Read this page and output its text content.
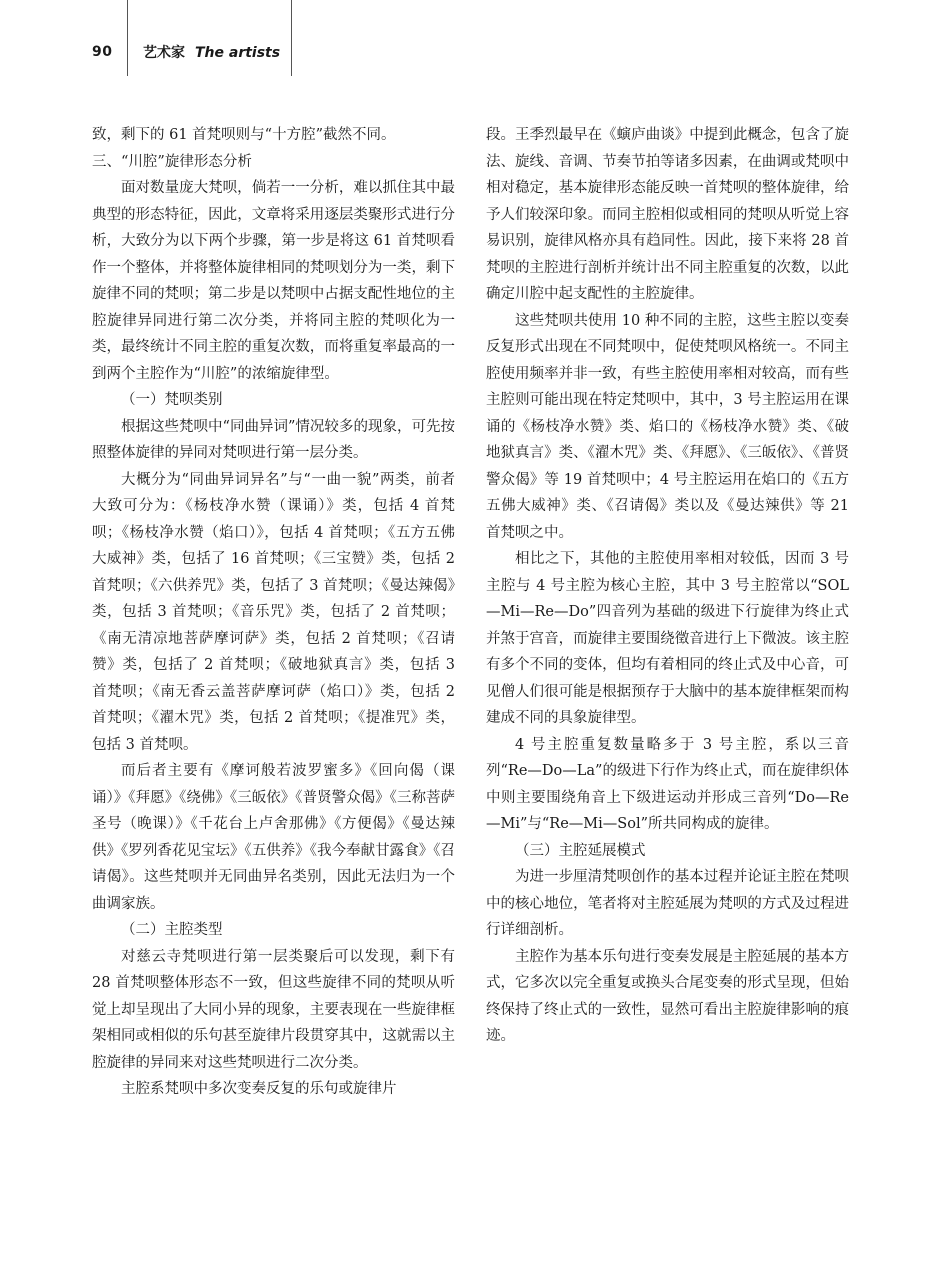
90 艺术家 The artists

致，剩下的 61 首梵呗则与“十方腔”截然不同。

三、“川腔”旋律形态分析

面对数量庞大梵呗，倘若一一分析，难以抓住其中最典型的形态特征，因此，文章将采用逐层类聚形式进行分析，大致分为以下两个步骤，第一步是将这 61 首梵呗看作一个整体，并将整体旋律相同的梵呗划分为一类，剩下旋律不同的梵呗；第二步是以梵呗中占据支配性地位的主腔旋律异同进行第二次分类，并将同主腔的梵呗化为一类，最终统计不同主腔的重复次数，而将重复率最高的一到两个主腔作为“川腔”的浓缩旋律型。

（一）梵呗类别

根据这些梵呗中“同曲异词”情况较多的现象，可先按照整体旋律的异同对梵呗进行第一层分类。

大概分为“同曲异词异名”与“一曲一貌”两类，前者大致可分为：《杨枝净水赞（课诵）》类，包括 4 首梵呗；《杨枝净水赞（焰口）》，包括 4 首梵呗；《五方五佛大威神》类，包括了 16 首梵呗；《三宝赞》类，包括 2 首梵呗；《六供养咒》类，包括了 3 首梵呗；《曼达辣偈》类，包括 3 首梵呗；《音乐咒》类，包括了 2 首梵呗；《南无清凉地菩萨摩诃萨》类，包括 2 首梵呗；《召请赞》类，包括了 2 首梵呗；《破地狱真言》类，包括 3 首梵呗；《南无香云盖菩萨摩诃萨（焰口）》类，包括 2 首梵呗；《濯木咒》类，包括 2 首梵呗；《提准咒》类，包括 3 首梵呗。

而后者主要有《摩诃般若波罗蜜多》《回向偈（课诵）》《拜愿》《绕佛》《三皈依》《普贤警众偈》《三称菩萨圣号（晚课）》《千花台上卢舍那佛》《方便偈》《曼达辣供》《罗列香花见宝坛》《五供养》《我今奉献甘露食》《召请偈》。这些梵呗并无同曲异名类别，因此无法归为一个曲调家族。

（二）主腔类型

对慈云寺梵呗进行第一层类聚后可以发现，剩下有 28 首梵呗整体形态不一致，但这些旋律不同的梵呗从听觉上却呈现出了大同小异的现象，主要表现在一些旋律框架相同或相似的乐句甚至旋律片段贯穿其中，这就需以主腔旋律的异同来对这些梵呗进行二次分类。

主腔系梵呗中多次变奏反复的乐句或旋律片

段。王季烈最早在《螾庐曲谈》中提到此概念，包含了旋法、旋线、音调、节奏节拍等诸多因素，在曲调或梵呗中相对稳定，基本旋律形态能反映一首梵呗的整体旋律，给予人们较深印象。而同主腔相似或相同的梵呗从听觉上容易识别，旋律风格亦具有趋同性。因此，接下来将 28 首梵呗的主腔进行剖析并统计出不同主腔重复的次数，以此确定川腔中起支配性的主腔旋律。

这些梵呗共使用 10 种不同的主腔，这些主腔以变奏反复形式出现在不同梵呗中，促使梵呗风格统一。不同主腔使用频率并非一致，有些主腔使用率相对较高，而有些主腔则可能出现在特定梵呗中，其中，3 号主腔运用在课诵的《杨枝净水赞》类、焰口的《杨枝净水赞》类、《破地狱真言》类、《濯木咒》类、《拜愿》、《三皈依》、《普贤警众偈》等 19 首梵呗中；4 号主腔运用在焰口的《五方五佛大威神》类、《召请偈》类以及《曼达辣供》等 21 首梵呗之中。

相比之下，其他的主腔使用率相对较低，因而 3 号主腔与 4 号主腔为核心主腔，其中 3 号主腔常以“SOL—Mi—Re—Do”四音列为基础的级进下行旋律为终止式并煞于宫音，而旋律主要围绕徵音进行上下微波。该主腔有多个不同的变体，但均有着相同的终止式及中心音，可见僧人们很可能是根据预存于大脑中的基本旋律框架而构建成不同的具象旋律型。

4 号主腔重复数量略多于 3 号主腔，系以三音列“Re—Do—La”的级进下行作为终止式，而在旋律织体中则主要围绕角音上下级进运动并形成三音列“Do—Re—Mi”与“Re—Mi—Sol”所共同构成的旋律。

（三）主腔延展模式

为进一步厘清梵呗创作的基本过程并论证主腔在梵呗中的核心地位，笔者将对主腔延展为梵呗的方式及过程进行详细剖析。

主腔作为基本乐句进行变奏发展是主腔延展的基本方式，它多次以完全重复或换头合尾变奏的形式呈现，但始终保持了终止式的一致性，显然可看出主腔旋律影响的痕迹。
